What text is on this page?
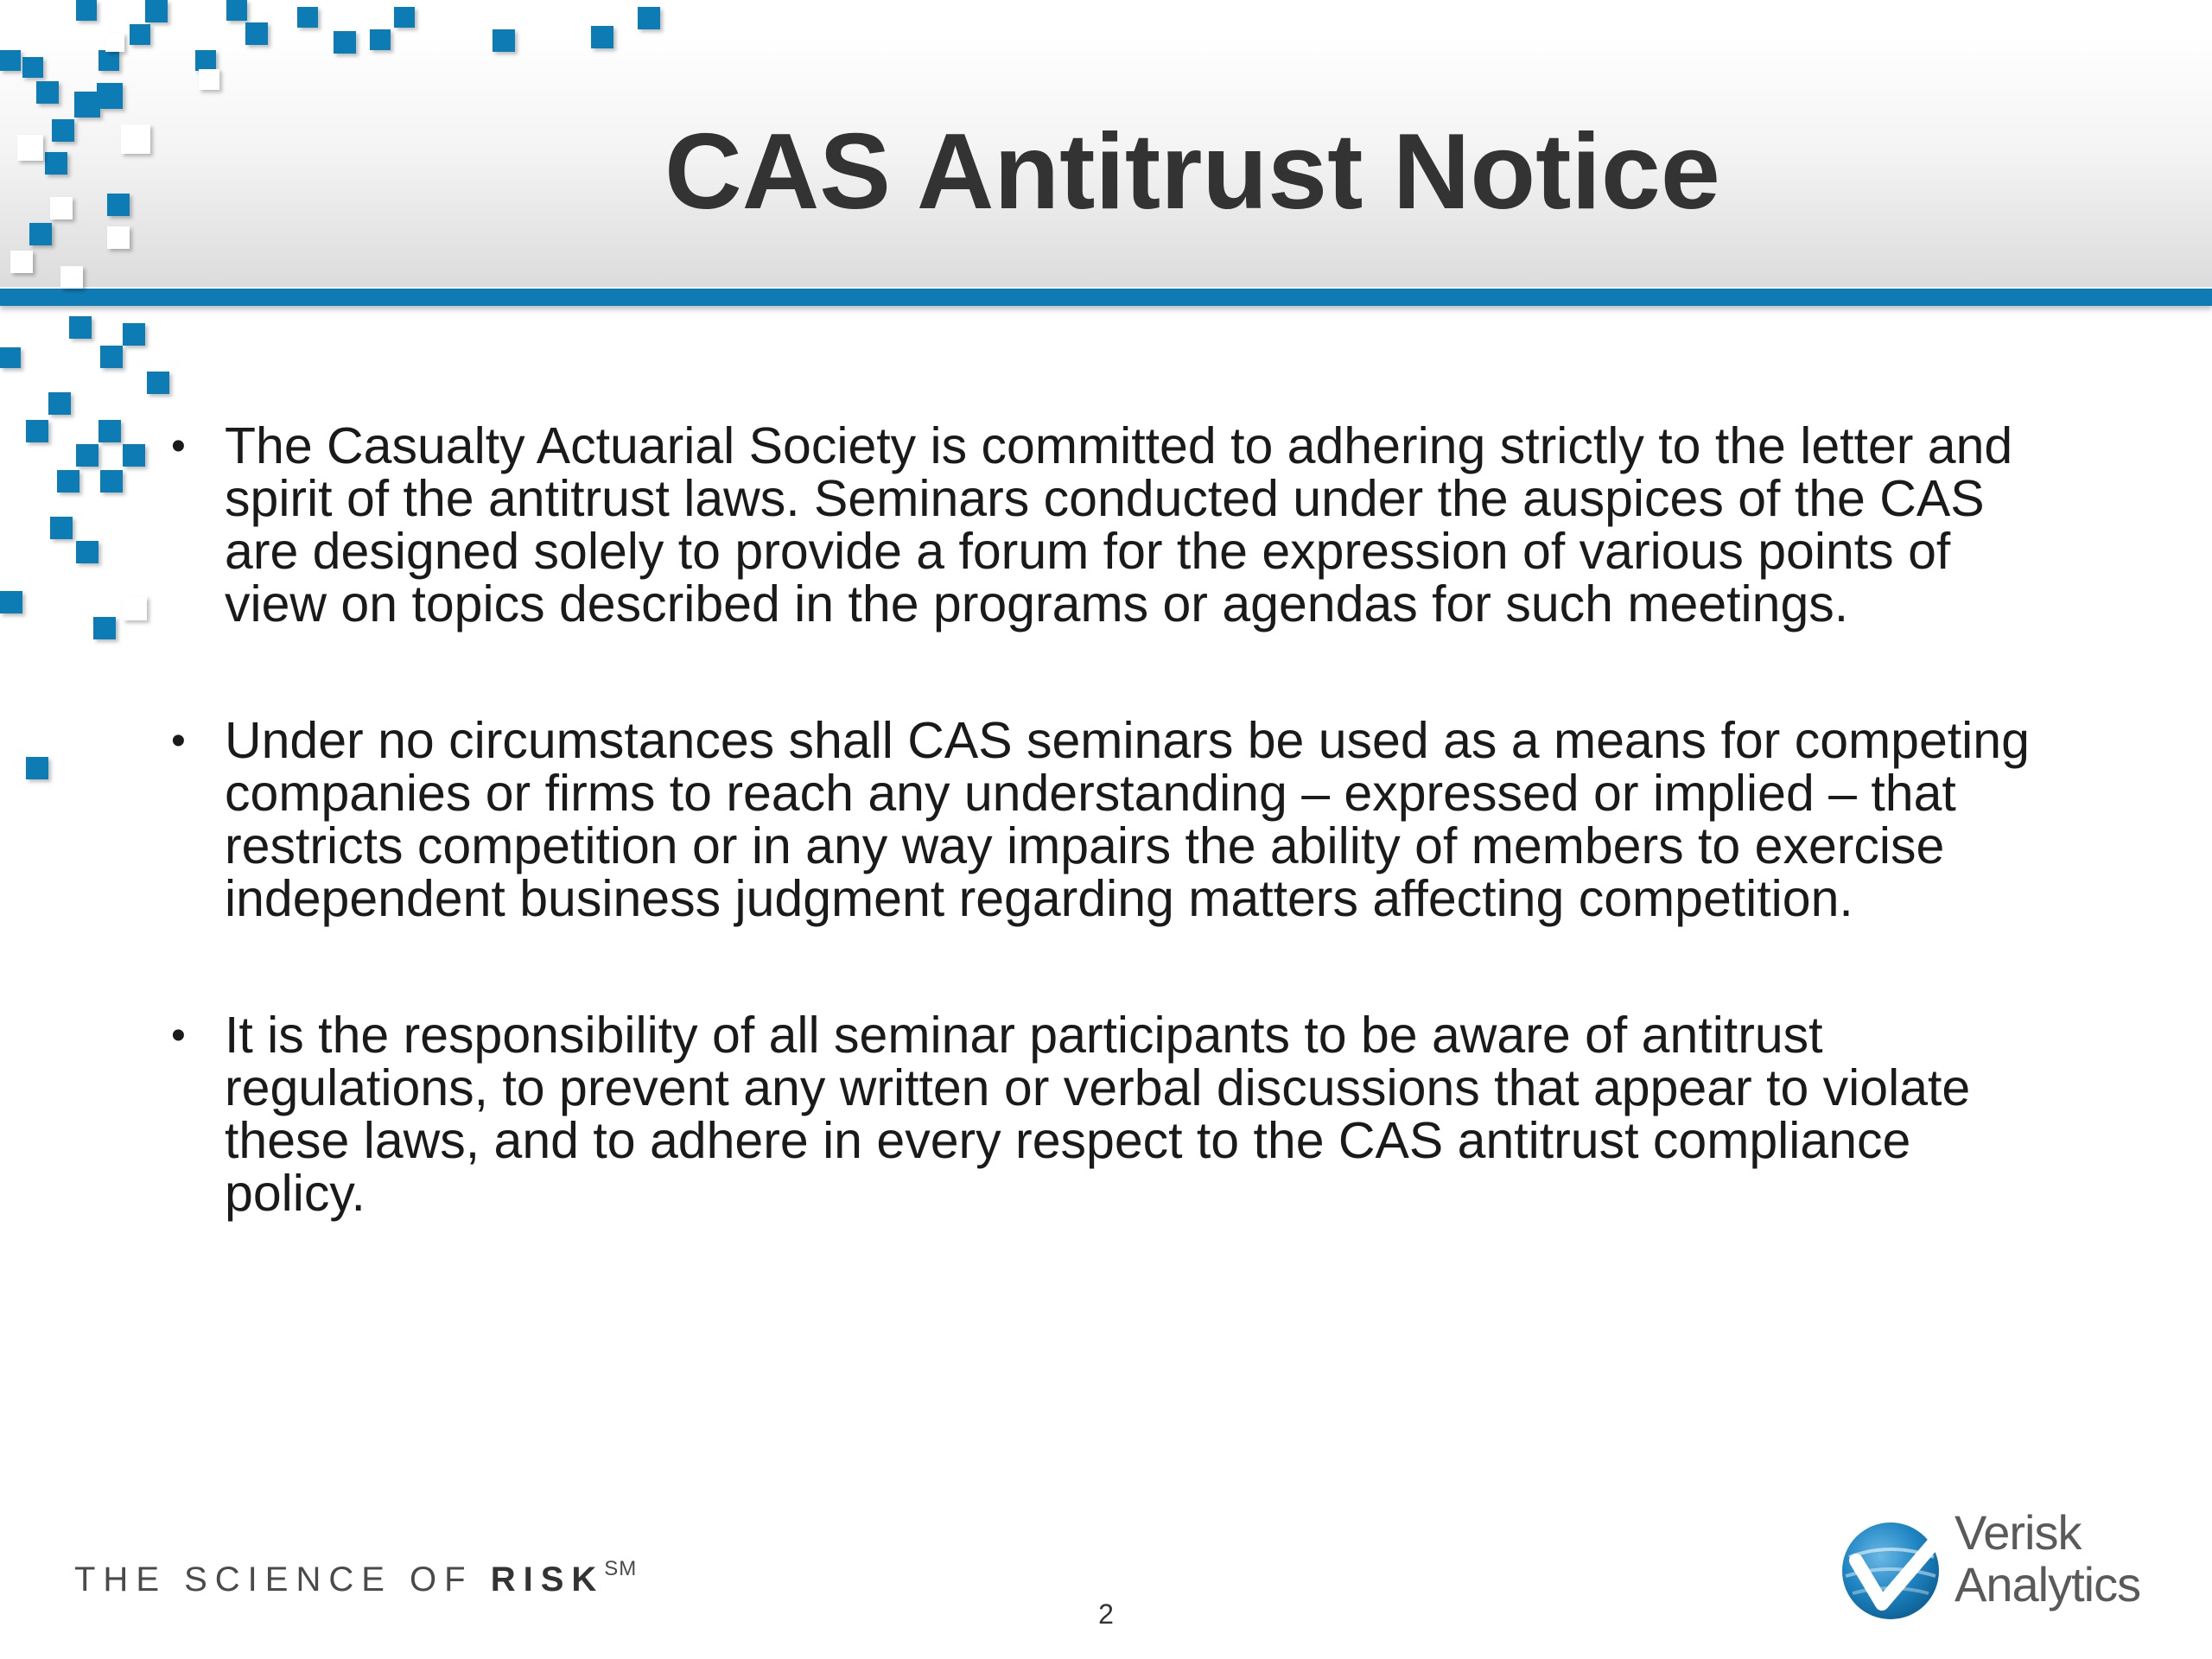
CAS Antitrust Notice
• The Casualty Actuarial Society is committed to adhering strictly to the letter and spirit of the antitrust laws. Seminars conducted under the auspices of the CAS are designed solely to provide a forum for the expression of various points of view on topics described in the programs or agendas for such meetings.
• Under no circumstances shall CAS seminars be used as a means for competing companies or firms to reach any understanding – expressed or implied – that restricts competition or in any way impairs the ability of members to exercise independent business judgment regarding matters affecting competition.
• It is the responsibility of all seminar participants to be aware of antitrust regulations, to prevent any written or verbal discussions that appear to violate these laws, and to adhere in every respect to the CAS antitrust compliance policy.
THE SCIENCE OF RISK℠
2
Verisk
Analytics
